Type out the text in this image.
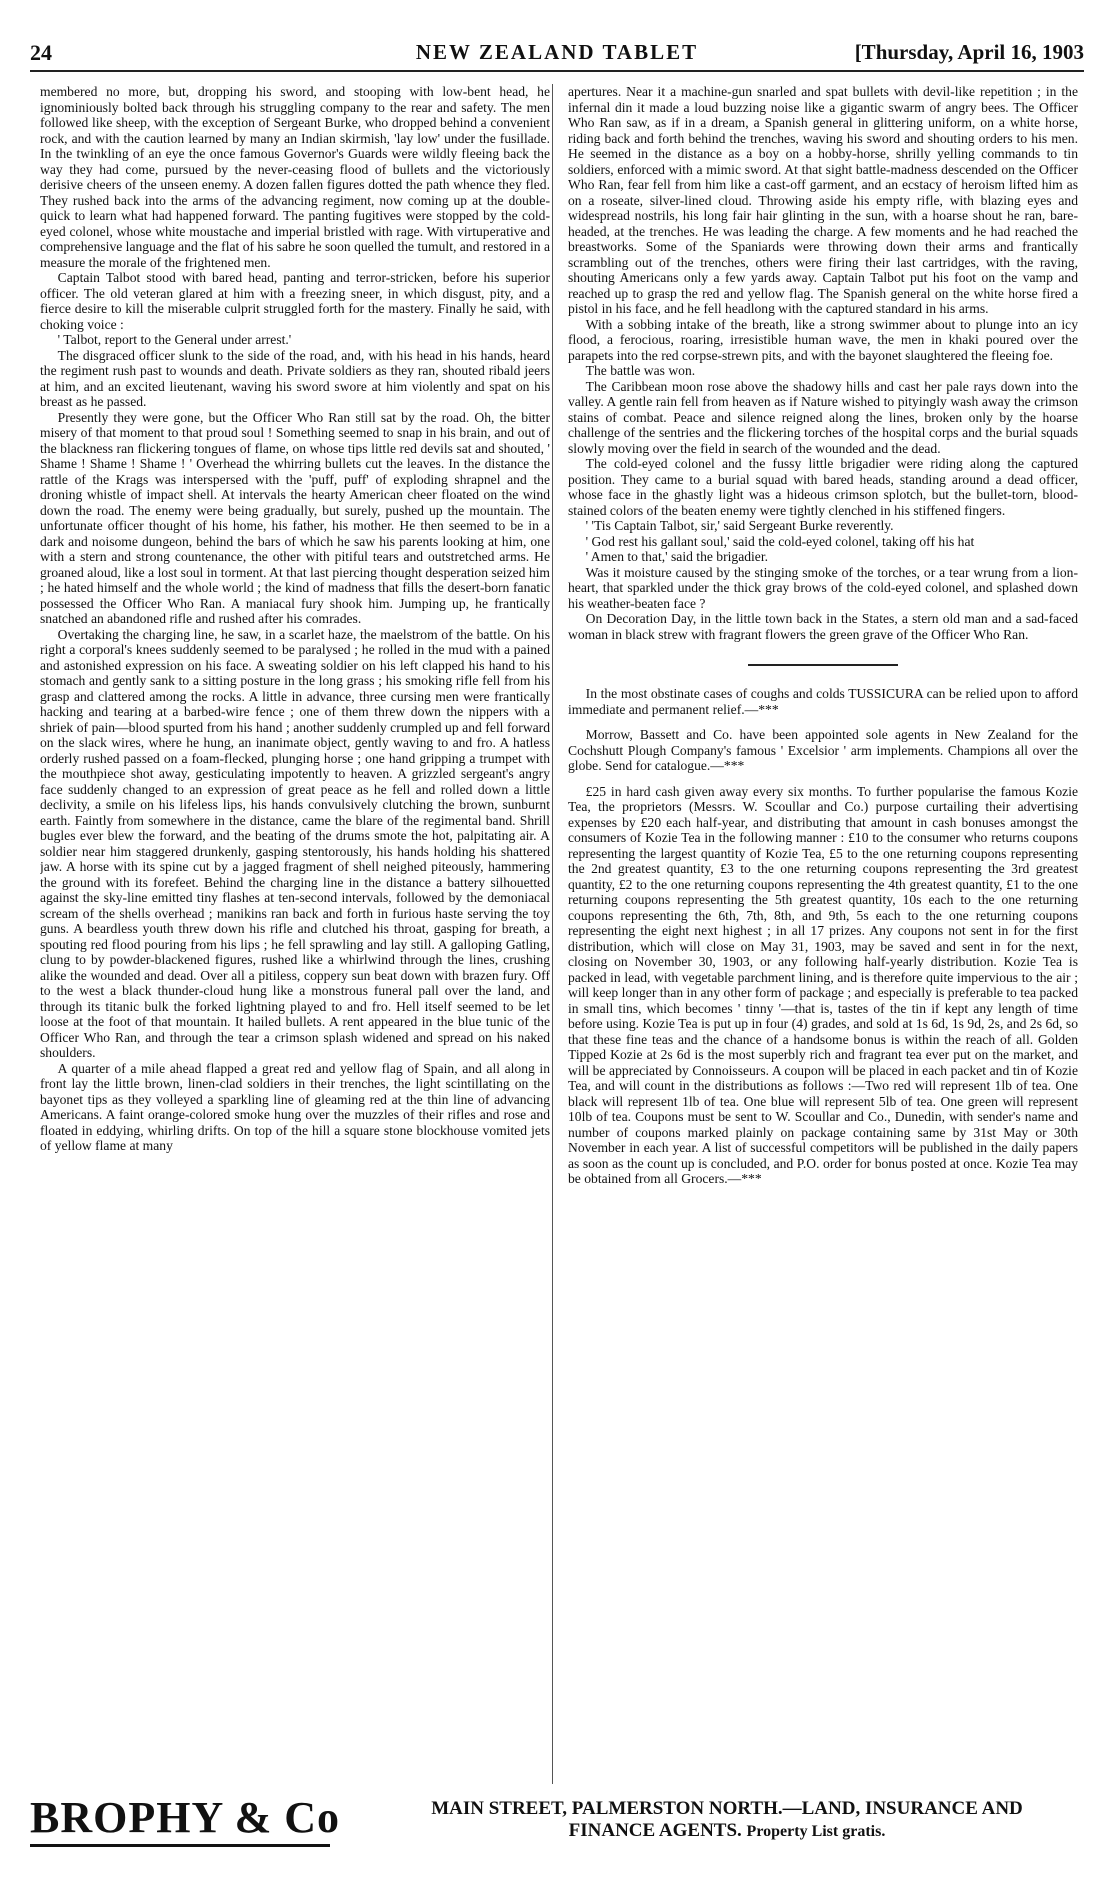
24	NEW ZEALAND TABLET	[Thursday, April 16, 1903

membered no more, but, dropping his sword, and stooping with low-bent head, he ignominiously bolted back through his struggling company to the rear and safety. The men followed like sheep, with the exception of Sergeant Burke, who dropped behind a convenient rock, and with the caution learned by many an Indian skirmish, 'lay low' under the fusillade. In the twinkling of an eye the once famous Governor's Guards were wildly fleeing back the way they had come, pursued by the never-ceasing flood of bullets and the victoriously derisive cheers of the unseen enemy. A dozen fallen figures dotted the path whence they fled. They rushed back into the arms of the advancing regiment, now coming up at the double-quick to learn what had happened forward. The panting fugitives were stopped by the cold-eyed colonel, whose white moustache and imperial bristled with rage. With virtuperative and comprehensive language and the flat of his sabre he soon quelled the tumult, and restored in a measure the morale of the frightened men.

Captain Talbot stood with bared head, panting and terror-stricken, before his superior officer. The old veteran glared at him with a freezing sneer, in which disgust, pity, and a fierce desire to kill the miserable culprit struggled forth for the mastery. Finally he said, with choking voice :

' Talbot, report to the General under arrest.'

The disgraced officer slunk to the side of the road, and, with his head in his hands, heard the regiment rush past to wounds and death. Private soldiers as they ran, shouted ribald jeers at him, and an excited lieutenant, waving his sword swore at him violently and spat on his breast as he passed.

Presently they were gone, but the Officer Who Ran still sat by the road. Oh, the bitter misery of that moment to that proud soul ! Something seemed to snap in his brain, and out of the blackness ran flickering tongues of flame, on whose tips little red devils sat and shouted, ' Shame ! Shame ! Shame ! ' Overhead the whirring bullets cut the leaves. In the distance the rattle of the Krags was interspersed with the 'puff, puff' of exploding shrapnel and the droning whistle of impact shell. At intervals the hearty American cheer floated on the wind down the road. The enemy were being gradually, but surely, pushed up the mountain. The unfortunate officer thought of his home, his father, his mother. He then seemed to be in a dark and noisome dungeon, behind the bars of which he saw his parents looking at him, one with a stern and strong countenance, the other with pitiful tears and outstretched arms. He groaned aloud, like a lost soul in torment. At that last piercing thought desperation seized him ; he hated himself and the whole world ; the kind of madness that fills the desert-born fanatic possessed the Officer Who Ran. A maniacal fury shook him. Jumping up, he frantically snatched an abandoned rifle and rushed after his comrades.

Overtaking the charging line, he saw, in a scarlet haze, the maelstrom of the battle. On his right a corporal's knees suddenly seemed to be paralysed ; he rolled in the mud with a pained and astonished expression on his face. A sweating soldier on his left clapped his hand to his stomach and gently sank to a sitting posture in the long grass ; his smoking rifle fell from his grasp and clattered among the rocks. A little in advance, three cursing men were frantically hacking and tearing at a barbed-wire fence ; one of them threw down the nippers with a shriek of pain—blood spurted from his hand ; another suddenly crumpled up and fell forward on the slack wires, where he hung, an inanimate object, gently waving to and fro. A hatless orderly rushed passed on a foam-flecked, plunging horse ; one hand gripping a trumpet with the mouthpiece shot away, gesticulating impotently to heaven. A grizzled sergeant's angry face suddenly changed to an expression of great peace as he fell and rolled down a little declivity, a smile on his lifeless lips, his hands convulsively clutching the brown, sunburnt earth. Faintly from somewhere in the distance, came the blare of the regimental band. Shrill bugles ever blew the forward, and the beating of the drums smote the hot, palpitating air. A soldier near him staggered drunkenly, gasping stentorously, his hands holding his shattered jaw. A horse with its spine cut by a jagged fragment of shell neighed piteously, hammering the ground with its forefeet. Behind the charging line in the distance a battery silhouetted against the sky-line emitted tiny flashes at ten-second intervals, followed by the demoniacal scream of the shells overhead ; manikins ran back and forth in furious haste serving the toy guns. A beardless youth threw down his rifle and clutched his throat, gasping for breath, a spouting red flood pouring from his lips ; he fell sprawling and lay still. A galloping Gatling, clung to by powder-blackened figures, rushed like a whirlwind through the lines, crushing alike the wounded and dead. Over all a pitiless, coppery sun beat down with brazen fury. Off to the west a black thunder-cloud hung like a monstrous funeral pall over the land, and through its titanic bulk the forked lightning played to and fro. Hell itself seemed to be let loose at the foot of that mountain. It hailed bullets. A rent appeared in the blue tunic of the Officer Who Ran, and through the tear a crimson splash widened and spread on his naked shoulders.

A quarter of a mile ahead flapped a great red and yellow flag of Spain, and all along in front lay the little brown, linen-clad soldiers in their trenches, the light scintillating on the bayonet tips as they volleyed a sparkling line of gleaming red at the thin line of advancing Americans. A faint orange-colored smoke hung over the muzzles of their rifles and rose and floated in eddying, whirling drifts. On top of the hill a square stone blockhouse vomited jets of yellow flame at many

apertures. Near it a machine-gun snarled and spat bullets with devil-like repetition ; in the infernal din it made a loud buzzing noise like a gigantic swarm of angry bees. The Officer Who Ran saw, as if in a dream, a Spanish general in glittering uniform, on a white horse, riding back and forth behind the trenches, waving his sword and shouting orders to his men. He seemed in the distance as a boy on a hobby-horse, shrilly yelling commands to tin soldiers, enforced with a mimic sword. At that sight battle-madness descended on the Officer Who Ran, fear fell from him like a cast-off garment, and an ecstacy of heroism lifted him as on a roseate, silver-lined cloud. Throwing aside his empty rifle, with blazing eyes and widespread nostrils, his long fair hair glinting in the sun, with a hoarse shout he ran, bare-headed, at the trenches. He was leading the charge. A few moments and he had reached the breastworks. Some of the Spaniards were throwing down their arms and frantically scrambling out of the trenches, others were firing their last cartridges, with the raving, shouting Americans only a few yards away. Captain Talbot put his foot on the vamp and reached up to grasp the red and yellow flag. The Spanish general on the white horse fired a pistol in his face, and he fell headlong with the captured standard in his arms.

With a sobbing intake of the breath, like a strong swimmer about to plunge into an icy flood, a ferocious, roaring, irresistible human wave, the men in khaki poured over the parapets into the red corpse-strewn pits, and with the bayonet slaughtered the fleeing foe.

The battle was won.

The Caribbean moon rose above the shadowy hills and cast her pale rays down into the valley. A gentle rain fell from heaven as if Nature wished to pityingly wash away the crimson stains of combat. Peace and silence reigned along the lines, broken only by the hoarse challenge of the sentries and the flickering torches of the hospital corps and the burial squads slowly moving over the field in search of the wounded and the dead.

The cold-eyed colonel and the fussy little brigadier were riding along the captured position. They came to a burial squad with bared heads, standing around a dead officer, whose face in the ghastly light was a hideous crimson splotch, but the bullet-torn, blood-stained colors of the beaten enemy were tightly clenched in his stiffened fingers.

' 'Tis Captain Talbot, sir,' said Sergeant Burke reverently.

' God rest his gallant soul,' said the cold-eyed colonel, taking off his hat

' Amen to that,' said the brigadier.

Was it moisture caused by the stinging smoke of the torches, or a tear wrung from a lion-heart, that sparkled under the thick gray brows of the cold-eyed colonel, and splashed down his weather-beaten face ?

On Decoration Day, in the little town back in the States, a stern old man and a sad-faced woman in black strew with fragrant flowers the green grave of the Officer Who Ran.

In the most obstinate cases of coughs and colds TUSSICURA can be relied upon to afford immediate and permanent relief.—***

Morrow, Bassett and Co. have been appointed sole agents in New Zealand for the Cochshutt Plough Company's famous ' Excelsior ' arm implements. Champions all over the globe. Send for catalogue.—***

£25 in hard cash given away every six months. To further popularise the famous Kozie Tea, the proprietors (Messrs. W. Scoullar and Co.) purpose curtailing their advertising expenses by £20 each half-year, and distributing that amount in cash bonuses amongst the consumers of Kozie Tea in the following manner : £10 to the consumer who returns coupons representing the largest quantity of Kozie Tea, £5 to the one returning coupons representing the 2nd greatest quantity, £3 to the one returning coupons representing the 3rd greatest quantity, £2 to the one returning coupons representing the 4th greatest quantity, £1 to the one returning coupons representing the 5th greatest quantity, 10s each to the one returning coupons representing the 6th, 7th, 8th, and 9th, 5s each to the one returning coupons representing the eight next highest ; in all 17 prizes. Any coupons not sent in for the first distribution, which will close on May 31, 1903, may be saved and sent in for the next, closing on November 30, 1903, or any following half-yearly distribution. Kozie Tea is packed in lead, with vegetable parchment lining, and is therefore quite impervious to the air ; will keep longer than in any other form of package ; and especially is preferable to tea packed in small tins, which becomes ' tinny '—that is, tastes of the tin if kept any length of time before using. Kozie Tea is put up in four (4) grades, and sold at 1s 6d, 1s 9d, 2s, and 2s 6d, so that these fine teas and the chance of a handsome bonus is within the reach of all. Golden Tipped Kozie at 2s 6d is the most superbly rich and fragrant tea ever put on the market, and will be appreciated by Connoisseurs. A coupon will be placed in each packet and tin of Kozie Tea, and will count in the distributions as follows :—Two red will represent 1lb of tea. One black will represent 1lb of tea. One blue will represent 5lb of tea. One green will represent 10lb of tea. Coupons must be sent to W. Scoullar and Co., Dunedin, with sender's name and number of coupons marked plainly on package containing same by 31st May or 30th November in each year. A list of successful competitors will be published in the daily papers as soon as the count up is concluded, and P.O. order for bonus posted at once. Kozie Tea may be obtained from all Grocers.—***

BROPHY & Co	MAIN STREET, PALMERSTON NORTH.—LAND, INSURANCE AND
FINANCE AGENTS. Property List gratis.
